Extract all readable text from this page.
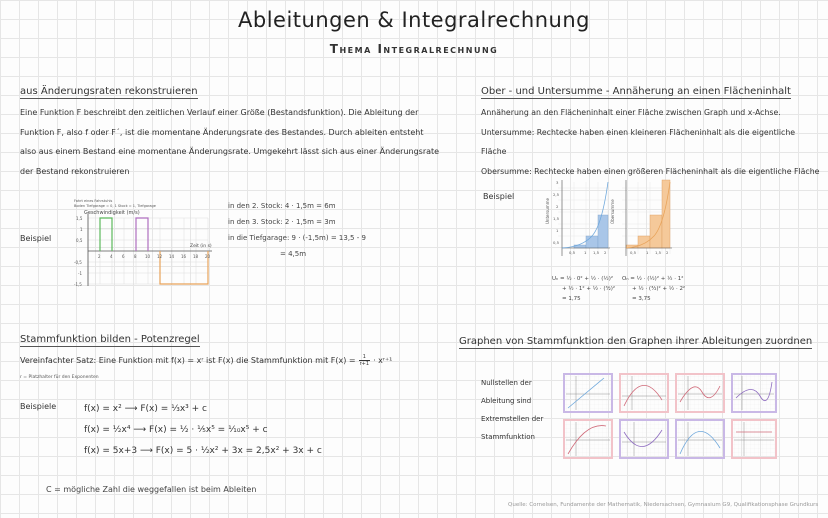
Ableitungen & Integralrechnung
Thema Integralrechnung
aus Änderungsraten rekonstruieren
Eine Funktion F beschreibt den zeitlichen Verlauf einer Größe (Bestandsfunktion). Die Ableitung der
Funktion F, also f oder F´, ist die momentane Änderungsrate des Bestandes. Durch ableiten entsteht
also aus einem Bestand eine momentane Änderungsrate. Umgekehrt lässt sich aus einer Änderungsrate
der Bestand rekonstruieren
Beispiel
Fahrt eines Fahrstuhls
Boden Tiefgarage = 0, 1 Stock = 1, Tiefgarage
Geschwindigkeit (m/s)
Zeit (in s)
2 4 6 8 10 12 14 16 18 20
1,5
1
0,5
-0,5
-1
-1,5
in den 2. Stock: 4 · 1,5m = 6m
in den 3. Stock: 2 · 1,5m = 3m
in die Tiefgarage: 9 · (-1,5m) = 13,5 - 9
= 4,5m
Ober - und Untersumme - Annäherung an einen Flächeninhalt
Annäherung an den Flächeninhalt einer Fläche zwischen Graph und x-Achse.
Untersumme: Rechtecke haben einen kleineren Flächeninhalt als die eigentliche Fläche
Obersumme: Rechtecke haben einen größeren Flächeninhalt als die eigentliche Fläche
Beispiel
Untersumme
3
2,5
2
1,5
1
0,5
0,5 1 1,5 2
Obersumme
0,5	1 1,5 2
Uₙ = ½ · 0² + ½ · (½)²
+ ½ · 1² + ½ · (³⁄₂)²
= 1,75
Oₙ = ½ · (½)² + ½ · 1²
+ ½ · (³⁄₂)² + ½ · 2²
= 3,75
Stammfunktion bilden - Potenzregel
Vereinfachter Satz: Eine Funktion mit f(x) = xʳ ist F(x) die Stammfunktion mit $F(x) = \frac{1}{r+1}$ · xʳ⁺¹
r = Platzhalter für den Exponenten
Beispiele	f(x) = x² ⟶ F(x) = ⅓x³ + c
f(x) = ½x⁴ ⟶ F(x) = ½ · ⅕x⁵ = ⅒x⁵ + c
f(x) = 5x+3 ⟶ F(x) = 5 · ½x² + 3x = 2,5x² + 3x + c
C = mögliche Zahl die weggefallen ist beim Ableiten
Graphen von Stammfunktion den Graphen ihrer Ableitungen zuordnen
Nullstellen der
Ableitung sind
Extremstellen der
Stammfunktion
Quelle: Cornelsen, Fundamente der Mathematik, Niedersachsen, Gymnasium G9, Qualifikationsphase Grundkurs
